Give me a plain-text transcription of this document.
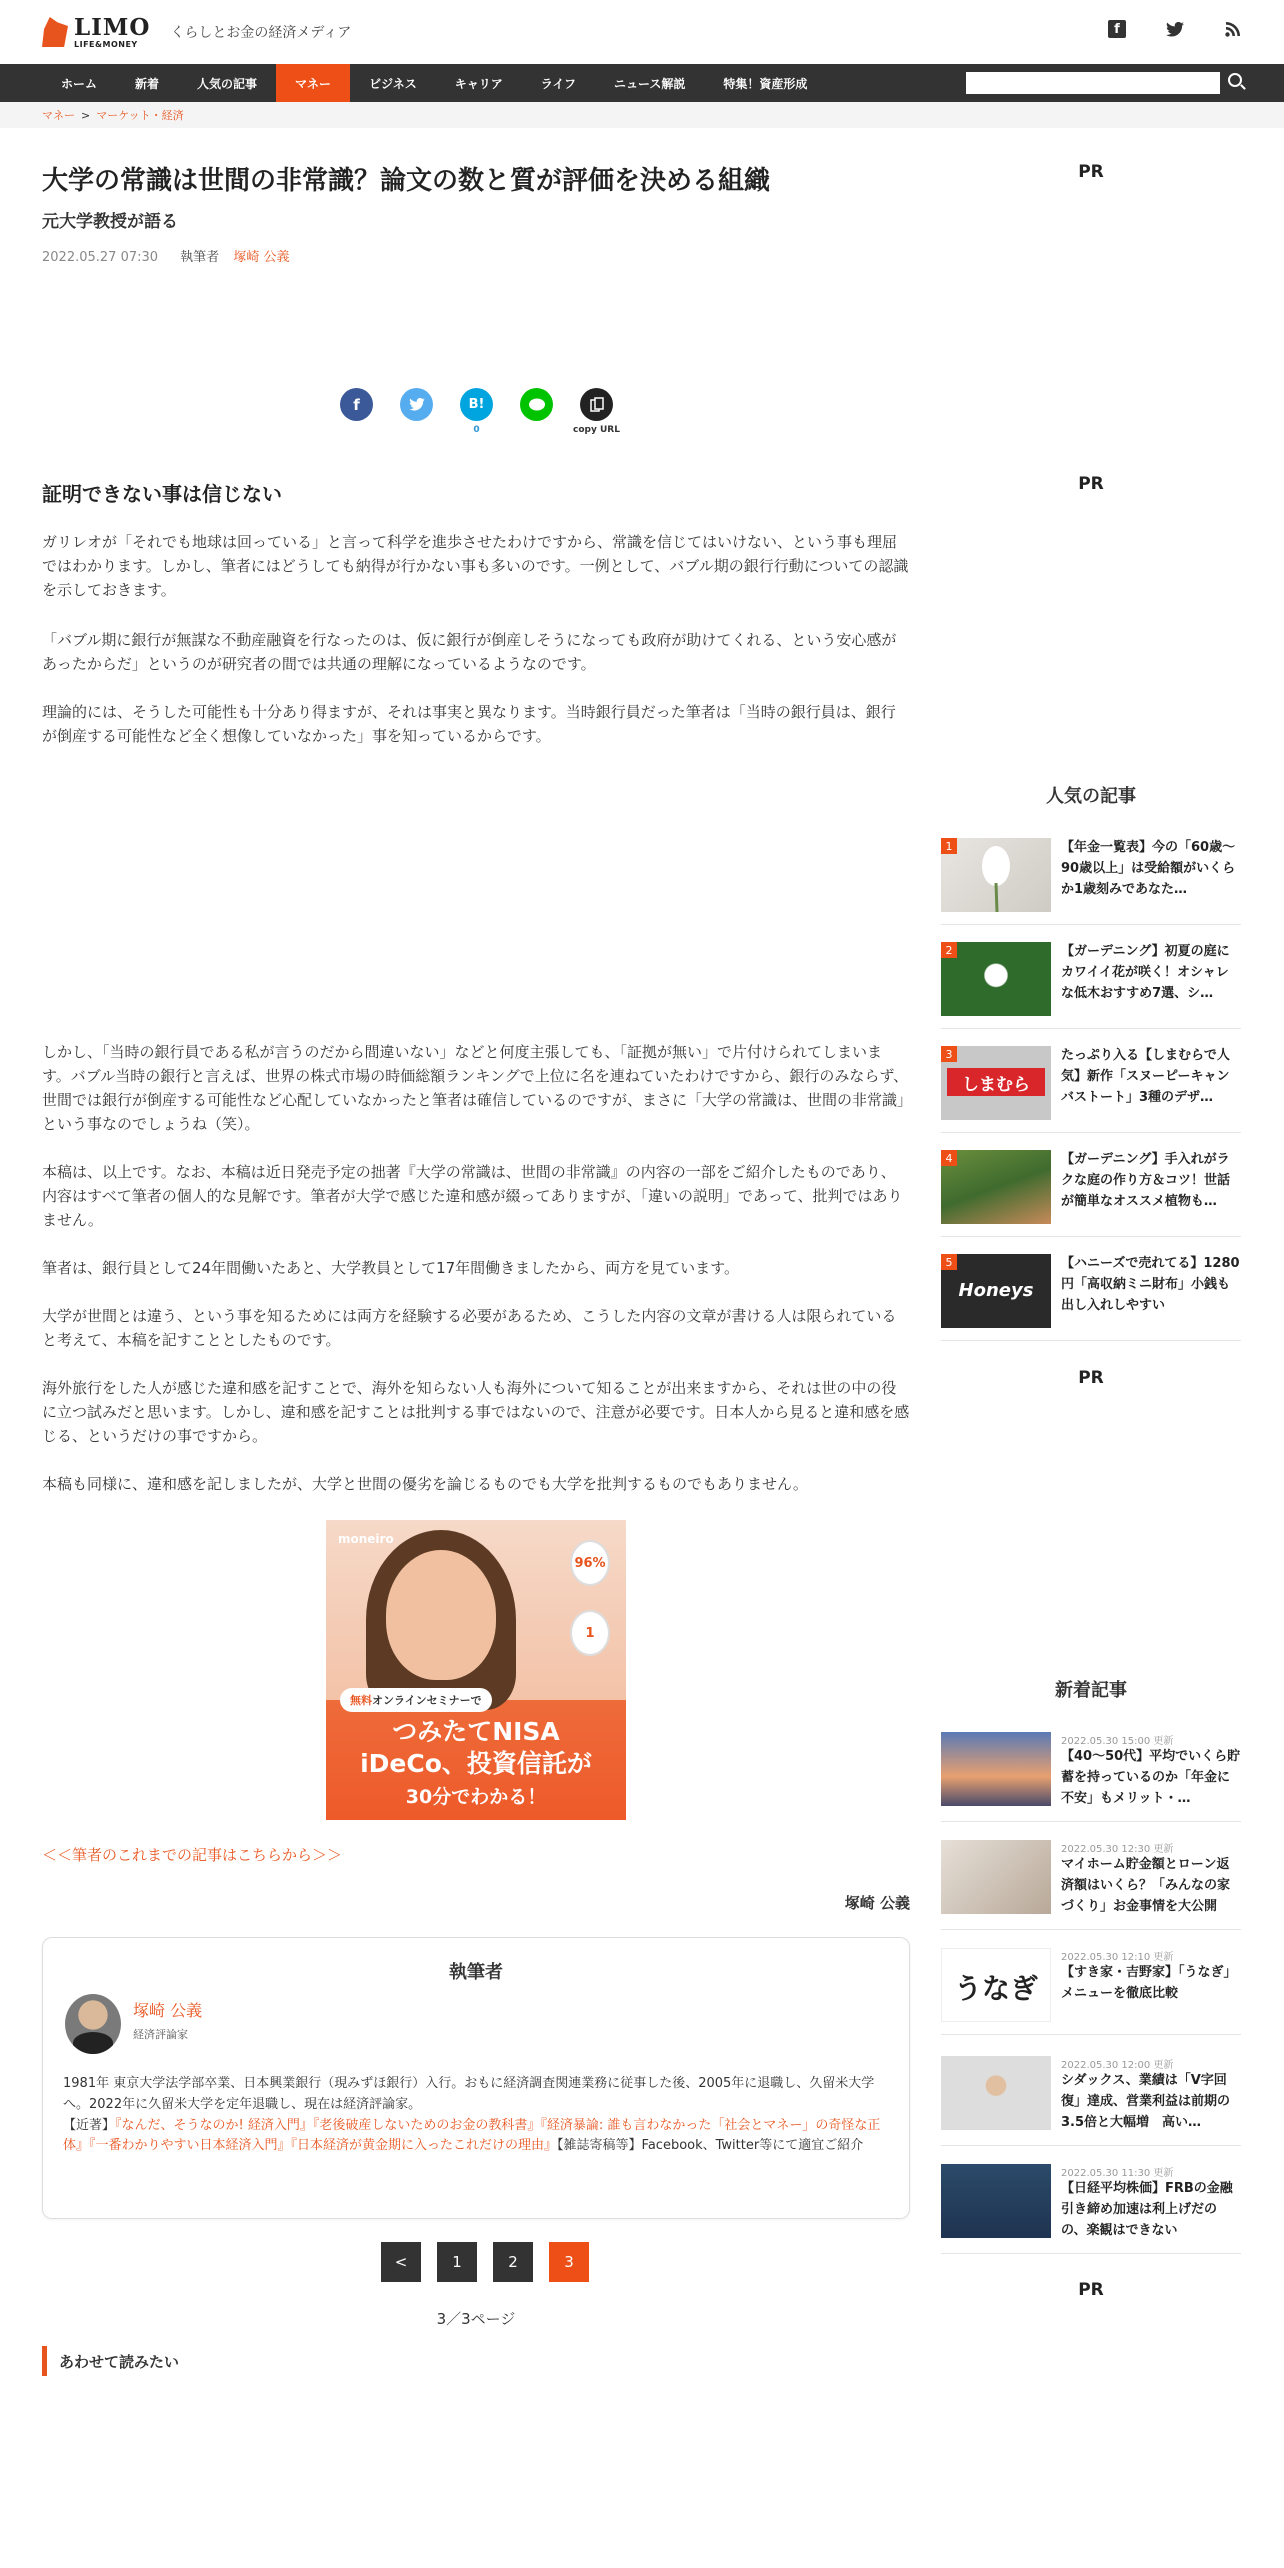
LIMO
LIFE&MONEY
くらしとお金の経済メディア	f
ホーム	新着	人気の記事	マネー	ビジネス	キャリア	ライフ	ニュース解説	特集！資産形成
マネー > マーケット・経済
大学の常識は世間の非常識？論文の数と質が評価を決める組織
元大学教授が語る
2022.05.27 07:30 執筆者 塚崎 公義
f	B!
0	copy URL
証明できない事は信じない

ガリレオが「それでも地球は回っている」と言って科学を進歩させたわけですから、常識を信じてはいけない、という事も理屈ではわかります。しかし、筆者にはどうしても納得が行かない事も多いのです。一例として、バブル期の銀行行動についての認識を示しておきます。

「バブル期に銀行が無謀な不動産融資を行なったのは、仮に銀行が倒産しそうになっても政府が助けてくれる、という安心感があったからだ」というのが研究者の間では共通の理解になっているようなのです。

理論的には、そうした可能性も十分あり得ますが、それは事実と異なります。当時銀行員だった筆者は「当時の銀行員は、銀行が倒産する可能性など全く想像していなかった」事を知っているからです。

しかし、「当時の銀行員である私が言うのだから間違いない」などと何度主張しても、「証拠が無い」で片付けられてしまいます。バブル当時の銀行と言えば、世界の株式市場の時価総額ランキングで上位に名を連ねていたわけですから、銀行のみならず、世間では銀行が倒産する可能性など心配していなかったと筆者は確信しているのですが、まさに「大学の常識は、世間の非常識」という事なのでしょうね（笑）。

本稿は、以上です。なお、本稿は近日発売予定の拙著『大学の常識は、世間の非常識』の内容の一部をご紹介したものであり、内容はすべて筆者の個人的な見解です。筆者が大学で感じた違和感が綴ってありますが、「違いの説明」であって、批判ではありません。

筆者は、銀行員として24年間働いたあと、大学教員として17年間働きましたから、両方を見ています。

大学が世間とは違う、という事を知るためには両方を経験する必要があるため、こうした内容の文章が書ける人は限られていると考えて、本稿を記すこととしたものです。

海外旅行をした人が感じた違和感を記すことで、海外を知らない人も海外について知ることが出来ますから、それは世の中の役に立つ試みだと思います。しかし、違和感を記すことは批判する事ではないので、注意が必要です。日本人から見ると違和感を感じる、というだけの事ですから。

本稿も同様に、違和感を記しましたが、大学と世間の優劣を論じるものでも大学を批判するものでもありません。

moneiro
96%
1
無料オンラインセミナーで
つみたてNISA
iDeCo、投資信託が
30分でわかる！
＜＜筆者のこれまでの記事はこちらから＞＞
塚崎 公義
執筆者
塚崎 公義
経済評論家
1981年 東京大学法学部卒業、日本興業銀行（現みずほ銀行）入行。おもに経済調査関連業務に従事した後、2005年に退職し、久留米大学へ。2022年に久留米大学を定年退職し、現在は経済評論家。
【近著】『なんだ、そうなのか! 経済入門』『老後破産しないためのお金の教科書』『経済暴論: 誰も言わなかった「社会とマネー」の奇怪な正体』『一番わかりやすい日本経済入門』『日本経済が黄金期に入ったこれだけの理由』【雑誌寄稿等】Facebook、Twitter等にて適宜ご紹介
<	1	2	3
3／3ページ
あわせて読みたい
PR
PR
人気の記事
1	【年金一覧表】今の「60歳～90歳以上」は受給額がいくらか1歳刻みであなた…
2	【ガーデニング】初夏の庭にカワイイ花が咲く！オシャレな低木おすすめ7選、シ…
しまむら
3	たっぷり入る【しまむらで人気】新作「スヌーピーキャンバストート」3種のデザ…
4	【ガーデニング】手入れがラクな庭の作り方＆コツ！世話が簡単なオススメ植物も…
Honeys
5	【ハニーズで売れてる】1280円「高収納ミニ財布」小銭も出し入れしやすい
PR
新着記事
2022.05.30 15:00 更新
【40～50代】平均でいくら貯蓄を持っているのか「年金に不安」もメリット・…
2022.05.30 12:30 更新
マイホーム貯金額とローン返済額はいくら？「みんなの家づくり」お金事情を大公開
うなぎ
2022.05.30 12:10 更新
【すき家・吉野家】「うなぎ」メニューを徹底比較
2022.05.30 12:00 更新
シダックス、業績は「V字回復」達成、営業利益は前期の3.5倍と大幅増　高い…
2022.05.30 11:30 更新
【日経平均株価】FRBの金融引き締め加速は利上げだのの、楽観はできない
PR
